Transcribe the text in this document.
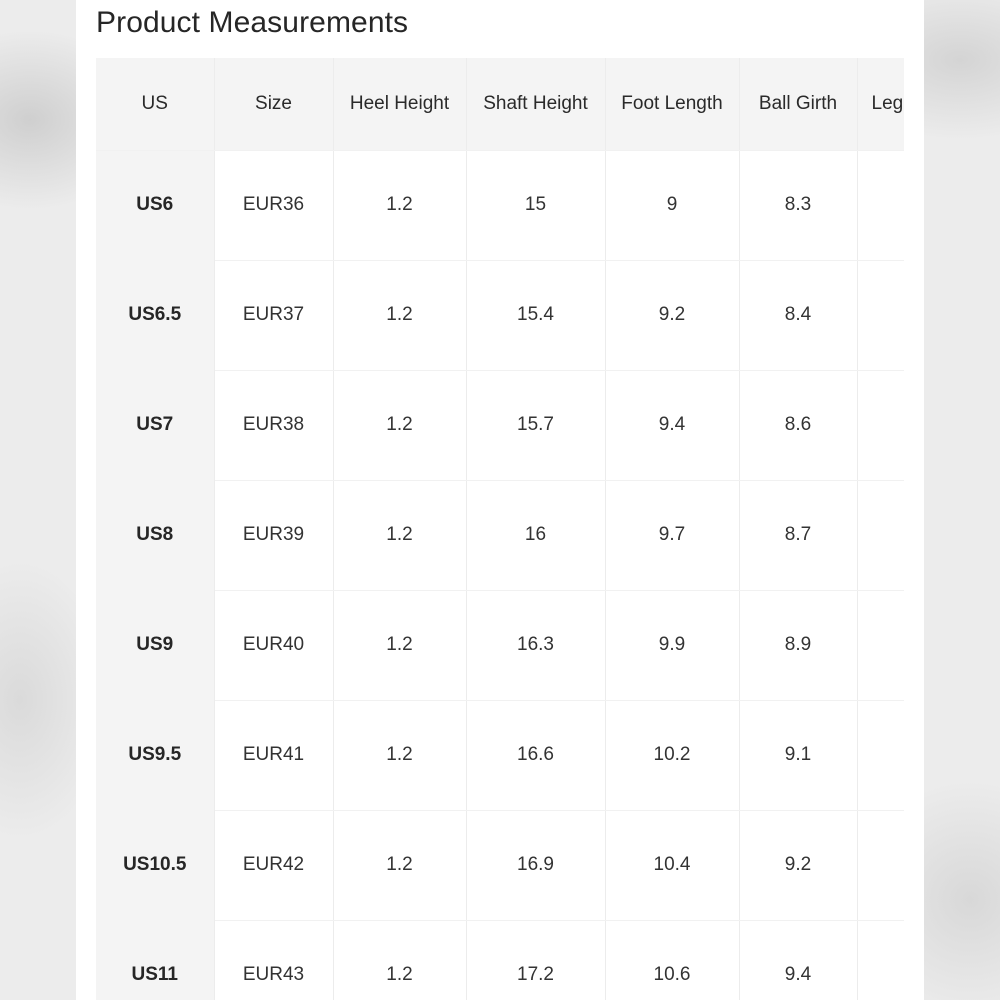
Product Measurements
US	Size	Heel Height	Shaft Height	Foot Length	Ball Girth	Leg
US6	EUR36	1.2	15	9	8.3	
US6.5	EUR37	1.2	15.4	9.2	8.4	
US7	EUR38	1.2	15.7	9.4	8.6	
US8	EUR39	1.2	16	9.7	8.7	
US9	EUR40	1.2	16.3	9.9	8.9	
US9.5	EUR41	1.2	16.6	10.2	9.1	
US10.5	EUR42	1.2	16.9	10.4	9.2	
US11	EUR43	1.2	17.2	10.6	9.4	
